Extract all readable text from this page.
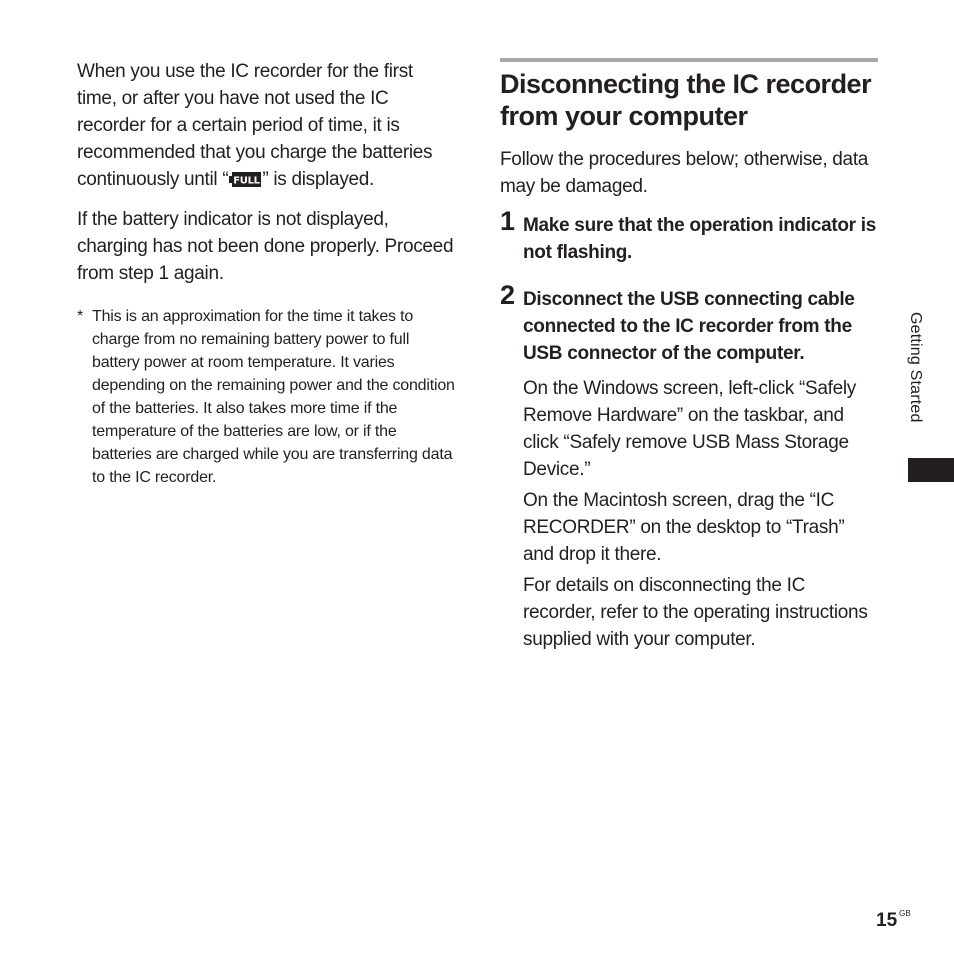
When you use the IC recorder for the first time, or after you have not used the IC recorder for a certain period of time, it is recommended that you charge the batteries continuously until “ FULL ” is displayed.

If the battery indicator is not displayed, charging has not been done properly. Proceed from step 1 again.

* This is an approximation for the time it takes to charge from no remaining battery power to full battery power at room temperature. It varies depending on the remaining power and the condition of the batteries. It also takes more time if the temperature of the batteries are low, or if the batteries are charged while you are transferring data to the IC recorder.
Disconnecting the IC recorder from your computer

Follow the procedures below; otherwise, data may be damaged.

1 Make sure that the operation indicator is not flashing.

2 Disconnect the USB connecting cable connected to the IC recorder from the USB connector of the computer.

On the Windows screen, left-click “Safely Remove Hardware” on the taskbar, and click “Safely remove USB Mass Storage Device.”

On the Macintosh screen, drag the “IC RECORDER” on the desktop to “Trash” and drop it there.

For details on disconnecting the IC recorder, refer to the operating instructions supplied with your computer.

Getting Started
15 $^{GB}$
